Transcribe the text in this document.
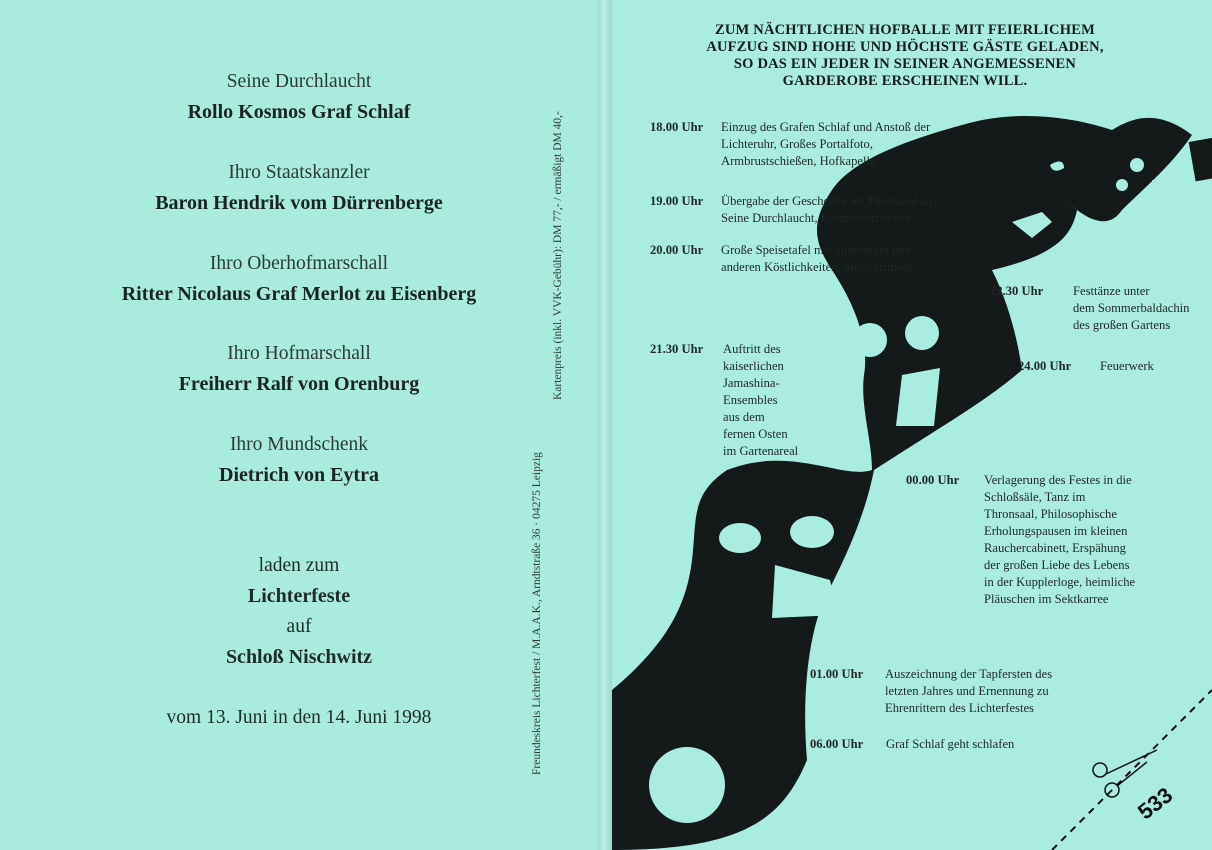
Seine Durchlaucht
Rollo Kosmos Graf Schlaf
Ihro Staatskanzler
Baron Hendrik vom Dürrenberge
Ihro Oberhofmarschall
Ritter Nicolaus Graf Merlot zu Eisenberg
Ihro Hofmarschall
Freiherr Ralf von Orenburg
Ihro Mundschenk
Dietrich von Eytra
laden zum
Lichterfeste
auf
Schloß Nischwitz
vom 13. Juni in den 14. Juni 1998	Freundeskreis Lichterfest / M.A.A.K., Arndtstraße 36 · 04275 Leipzig
Kartenpreis (inkl. VVK-Gebühr): DM 77,- / ermäßigt DM 40,-
533
ZUM NÄCHTLICHEN HOFBALLE MIT FEIERLICHEM
AUFZUG SIND HOHE UND HÖCHSTE GÄSTE GELADEN,
SO DAS EIN JEDER IN SEINER ANGEMESSENEN
GARDEROBE ERSCHEINEN WILL.
18.00 Uhr Einzug des Grafen Schlaf und Anstoß der
Lichteruhr, Großes Portalfoto,
Armbrustschießen, Hofkapelle
19.00 Uhr Übergabe der Geschenke im Thronsaal an
Seine Durchlaucht, Kammerorchester
20.00 Uhr Große Speisetafel mit Spanferkel und
anderen Köstlichkeiten, Streichtriplett
22.30 Uhr Festtänze unter
dem Sommerbaldachin
des großen Gartens
24.00 Uhr Feuerwerk
21.30 Uhr Auftritt des
kaiserlichen
Jamashina-
Ensembles
aus dem
fernen Osten
im Gartenareal
00.00 Uhr Verlagerung des Festes in die
Schloßsäle, Tanz im
Thronsaal, Philosophische
Erholungspausen im kleinen
Rauchercabinett, Erspähung
der großen Liebe des Lebens
in der Kupplerloge, heimliche
Pläuschen im Sektkarree
01.00 Uhr Auszeichnung der Tapfersten des
letzten Jahres und Ernennung zu
Ehrenrittern des Lichterfestes
06.00 Uhr Graf Schlaf geht schlafen
